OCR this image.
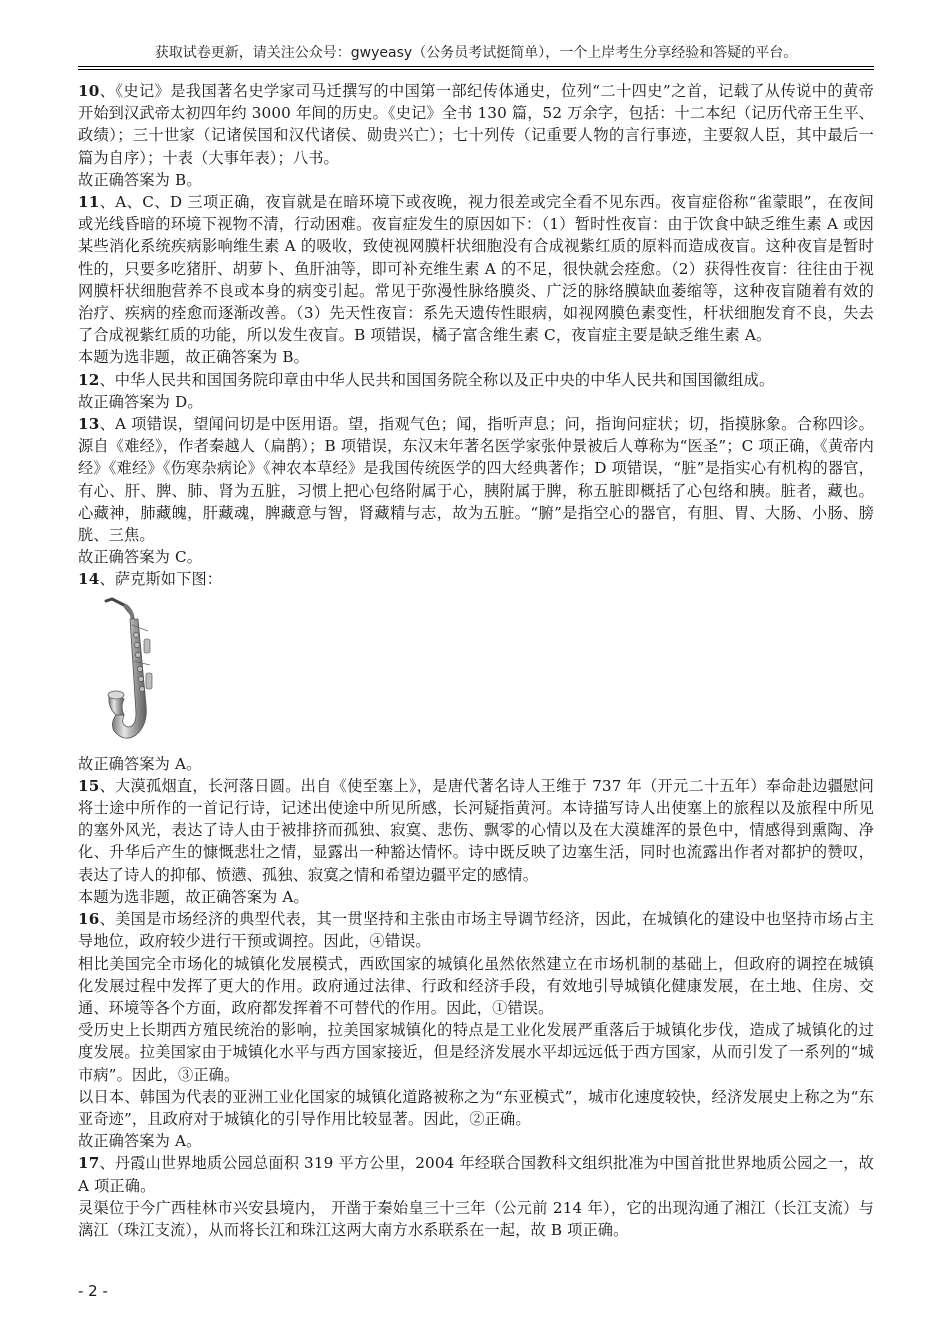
获取试卷更新，请关注公众号：gwyeasy（公务员考试挺简单），一个上岸考生分享经验和答疑的平台。

10、《史记》是我国著名史学家司马迁撰写的中国第一部纪传体通史，位列“二十四史”之首，记载了从传说中的黄帝开始到汉武帝太初四年约 3000 年间的历史。《史记》全书 130 篇，52 万余字，包括：十二本纪（记历代帝王生平、政绩）；三十世家（记诸侯国和汉代诸侯、勋贵兴亡）；七十列传（记重要人物的言行事迹，主要叙人臣，其中最后一篇为自序）；十表（大事年表）；八书。

故正确答案为 B。

11、A、C、D 三项正确，夜盲就是在暗环境下或夜晚，视力很差或完全看不见东西。夜盲症俗称“雀蒙眼”，在夜间或光线昏暗的环境下视物不清，行动困难。夜盲症发生的原因如下：（1）暂时性夜盲：由于饮食中缺乏维生素 A 或因某些消化系统疾病影响维生素 A 的吸收，致使视网膜杆状细胞没有合成视紫红质的原料而造成夜盲。这种夜盲是暂时性的，只要多吃猪肝、胡萝卜、鱼肝油等，即可补充维生素 A 的不足，很快就会痊愈。（2）获得性夜盲：往往由于视网膜杆状细胞营养不良或本身的病变引起。常见于弥漫性脉络膜炎、广泛的脉络膜缺血萎缩等，这种夜盲随着有效的治疗、疾病的痊愈而逐渐改善。（3）先天性夜盲：系先天遗传性眼病，如视网膜色素变性，杆状细胞发育不良，失去了合成视紫红质的功能，所以发生夜盲。B 项错误，橘子富含维生素 C，夜盲症主要是缺乏维生素 A。

本题为选非题，故正确答案为 B。

12、中华人民共和国国务院印章由中华人民共和国国务院全称以及正中央的中华人民共和国国徽组成。

故正确答案为 D。

13、A 项错误，望闻问切是中医用语。望，指观气色；闻，指听声息；问，指询问症状；切，指摸脉象。合称四诊。源自《难经》，作者秦越人（扁鹊）；B 项错误，东汉末年著名医学家张仲景被后人尊称为“医圣”；C 项正确，《黄帝内经》《难经》《伤寒杂病论》《神农本草经》是我国传统医学的四大经典著作；D 项错误，“脏”是指实心有机构的器官，有心、肝、脾、肺、肾为五脏，习惯上把心包络附属于心，胰附属于脾，称五脏即概括了心包络和胰。脏者，藏也。心藏神，肺藏魄，肝藏魂，脾藏意与智，肾藏精与志，故为五脏。“腑”是指空心的器官，有胆、胃、大肠、小肠、膀胱、三焦。

故正确答案为 C。

14、萨克斯如下图：

故正确答案为 A。

15、大漠孤烟直，长河落日圆。出自《使至塞上》，是唐代著名诗人王维于 737 年（开元二十五年）奉命赴边疆慰问将士途中所作的一首记行诗，记述出使途中所见所感，长河疑指黄河。本诗描写诗人出使塞上的旅程以及旅程中所见的塞外风光，表达了诗人由于被排挤而孤独、寂寞、悲伤、飘零的心情以及在大漠雄浑的景色中，情感得到熏陶、净化、升华后产生的慷慨悲壮之情，显露出一种豁达情怀。诗中既反映了边塞生活，同时也流露出作者对都护的赞叹，表达了诗人的抑郁、愤懑、孤独、寂寞之情和希望边疆平定的感情。

本题为选非题，故正确答案为 A。

16、美国是市场经济的典型代表，其一贯坚持和主张由市场主导调节经济，因此，在城镇化的建设中也坚持市场占主导地位，政府较少进行干预或调控。因此，④错误。

相比美国完全市场化的城镇化发展模式，西欧国家的城镇化虽然依然建立在市场机制的基础上，但政府的调控在城镇化发展过程中发挥了更大的作用。政府通过法律、行政和经济手段，有效地引导城镇化健康发展，在土地、住房、交通、环境等各个方面，政府都发挥着不可替代的作用。因此，①错误。

受历史上长期西方殖民统治的影响，拉美国家城镇化的特点是工业化发展严重落后于城镇化步伐，造成了城镇化的过度发展。拉美国家由于城镇化水平与西方国家接近，但是经济发展水平却远远低于西方国家，从而引发了一系列的“城市病”。因此，③正确。

以日本、韩国为代表的亚洲工业化国家的城镇化道路被称之为“东亚模式”，城市化速度较快，经济发展史上称之为“东亚奇迹”，且政府对于城镇化的引导作用比较显著。因此，②正确。

故正确答案为 A。

17、丹霞山世界地质公园总面积 319 平方公里，2004 年经联合国教科文组织批准为中国首批世界地质公园之一，故 A 项正确。

灵渠位于今广西桂林市兴安县境内， 开凿于秦始皇三十三年（公元前 214 年），它的出现沟通了湘江（长江支流）与漓江（珠江支流），从而将长江和珠江这两大南方水系联系在一起，故 B 项正确。

- 2 -
